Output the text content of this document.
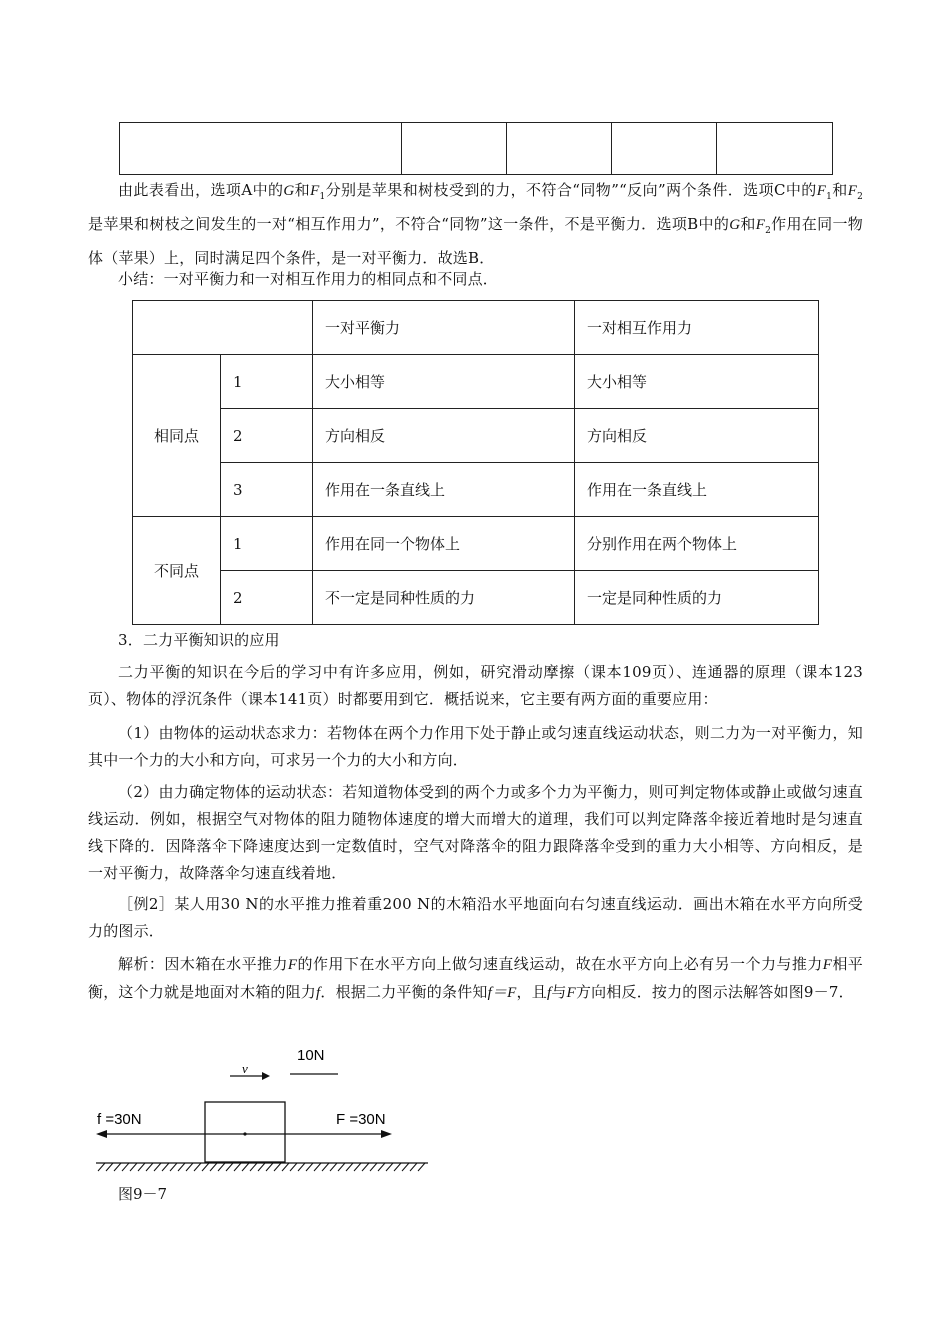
由此表看出，选项A中的G和$F_1$分别是苹果和树枝受到的力，不符合“同物”“反向”两个条件．选项C中的$F_1$和$F_2$是苹果和树枝之间发生的一对“相互作用力”，不符合“同物”这一条件，不是平衡力．选项B中的G和$F_2$作用在同一物体（苹果）上，同时满足四个条件，是一对平衡力．故选B．

小结：一对平衡力和一对相互作用力的相同点和不同点．

		一对平衡力	一对相互作用力
相同点	1	大小相等	大小相等
	2	方向相反	方向相反
	3	作用在一条直线上	作用在一条直线上
不同点	1	作用在同一个物体上	分别作用在两个物体上
	2	不一定是同种性质的力	一定是同种性质的力

3．二力平衡知识的应用

二力平衡的知识在今后的学习中有许多应用，例如，研究滑动摩擦（课本109页）、连通器的原理（课本123页）、物体的浮沉条件（课本141页）时都要用到它．概括说来，它主要有两方面的重要应用：

（1）由物体的运动状态求力：若物体在两个力作用下处于静止或匀速直线运动状态，则二力为一对平衡力，知其中一个力的大小和方向，可求另一个力的大小和方向．

（2）由力确定物体的运动状态：若知道物体受到的两个力或多个力为平衡力，则可判定物体或静止或做匀速直线运动．例如，根据空气对物体的阻力随物体速度的增大而增大的道理，我们可以判定降落伞接近着地时是匀速直线下降的．因降落伞下降速度达到一定数值时，空气对降落伞的阻力跟降落伞受到的重力大小相等、方向相反，是一对平衡力，故降落伞匀速直线着地．

［例2］某人用30 N的水平推力推着重200 N的木箱沿水平地面向右匀速直线运动．画出木箱在水平方向所受力的图示．

解析：因木箱在水平推力F的作用下在水平方向上做匀速直线运动，故在水平方向上必有另一个力与推力F相平衡，这个力就是地面对木箱的阻力f．根据二力平衡的条件知f＝F，且f与F方向相反．按力的图示法解答如图9－7．

10N
v
f =30N	F =30N
图9－7
